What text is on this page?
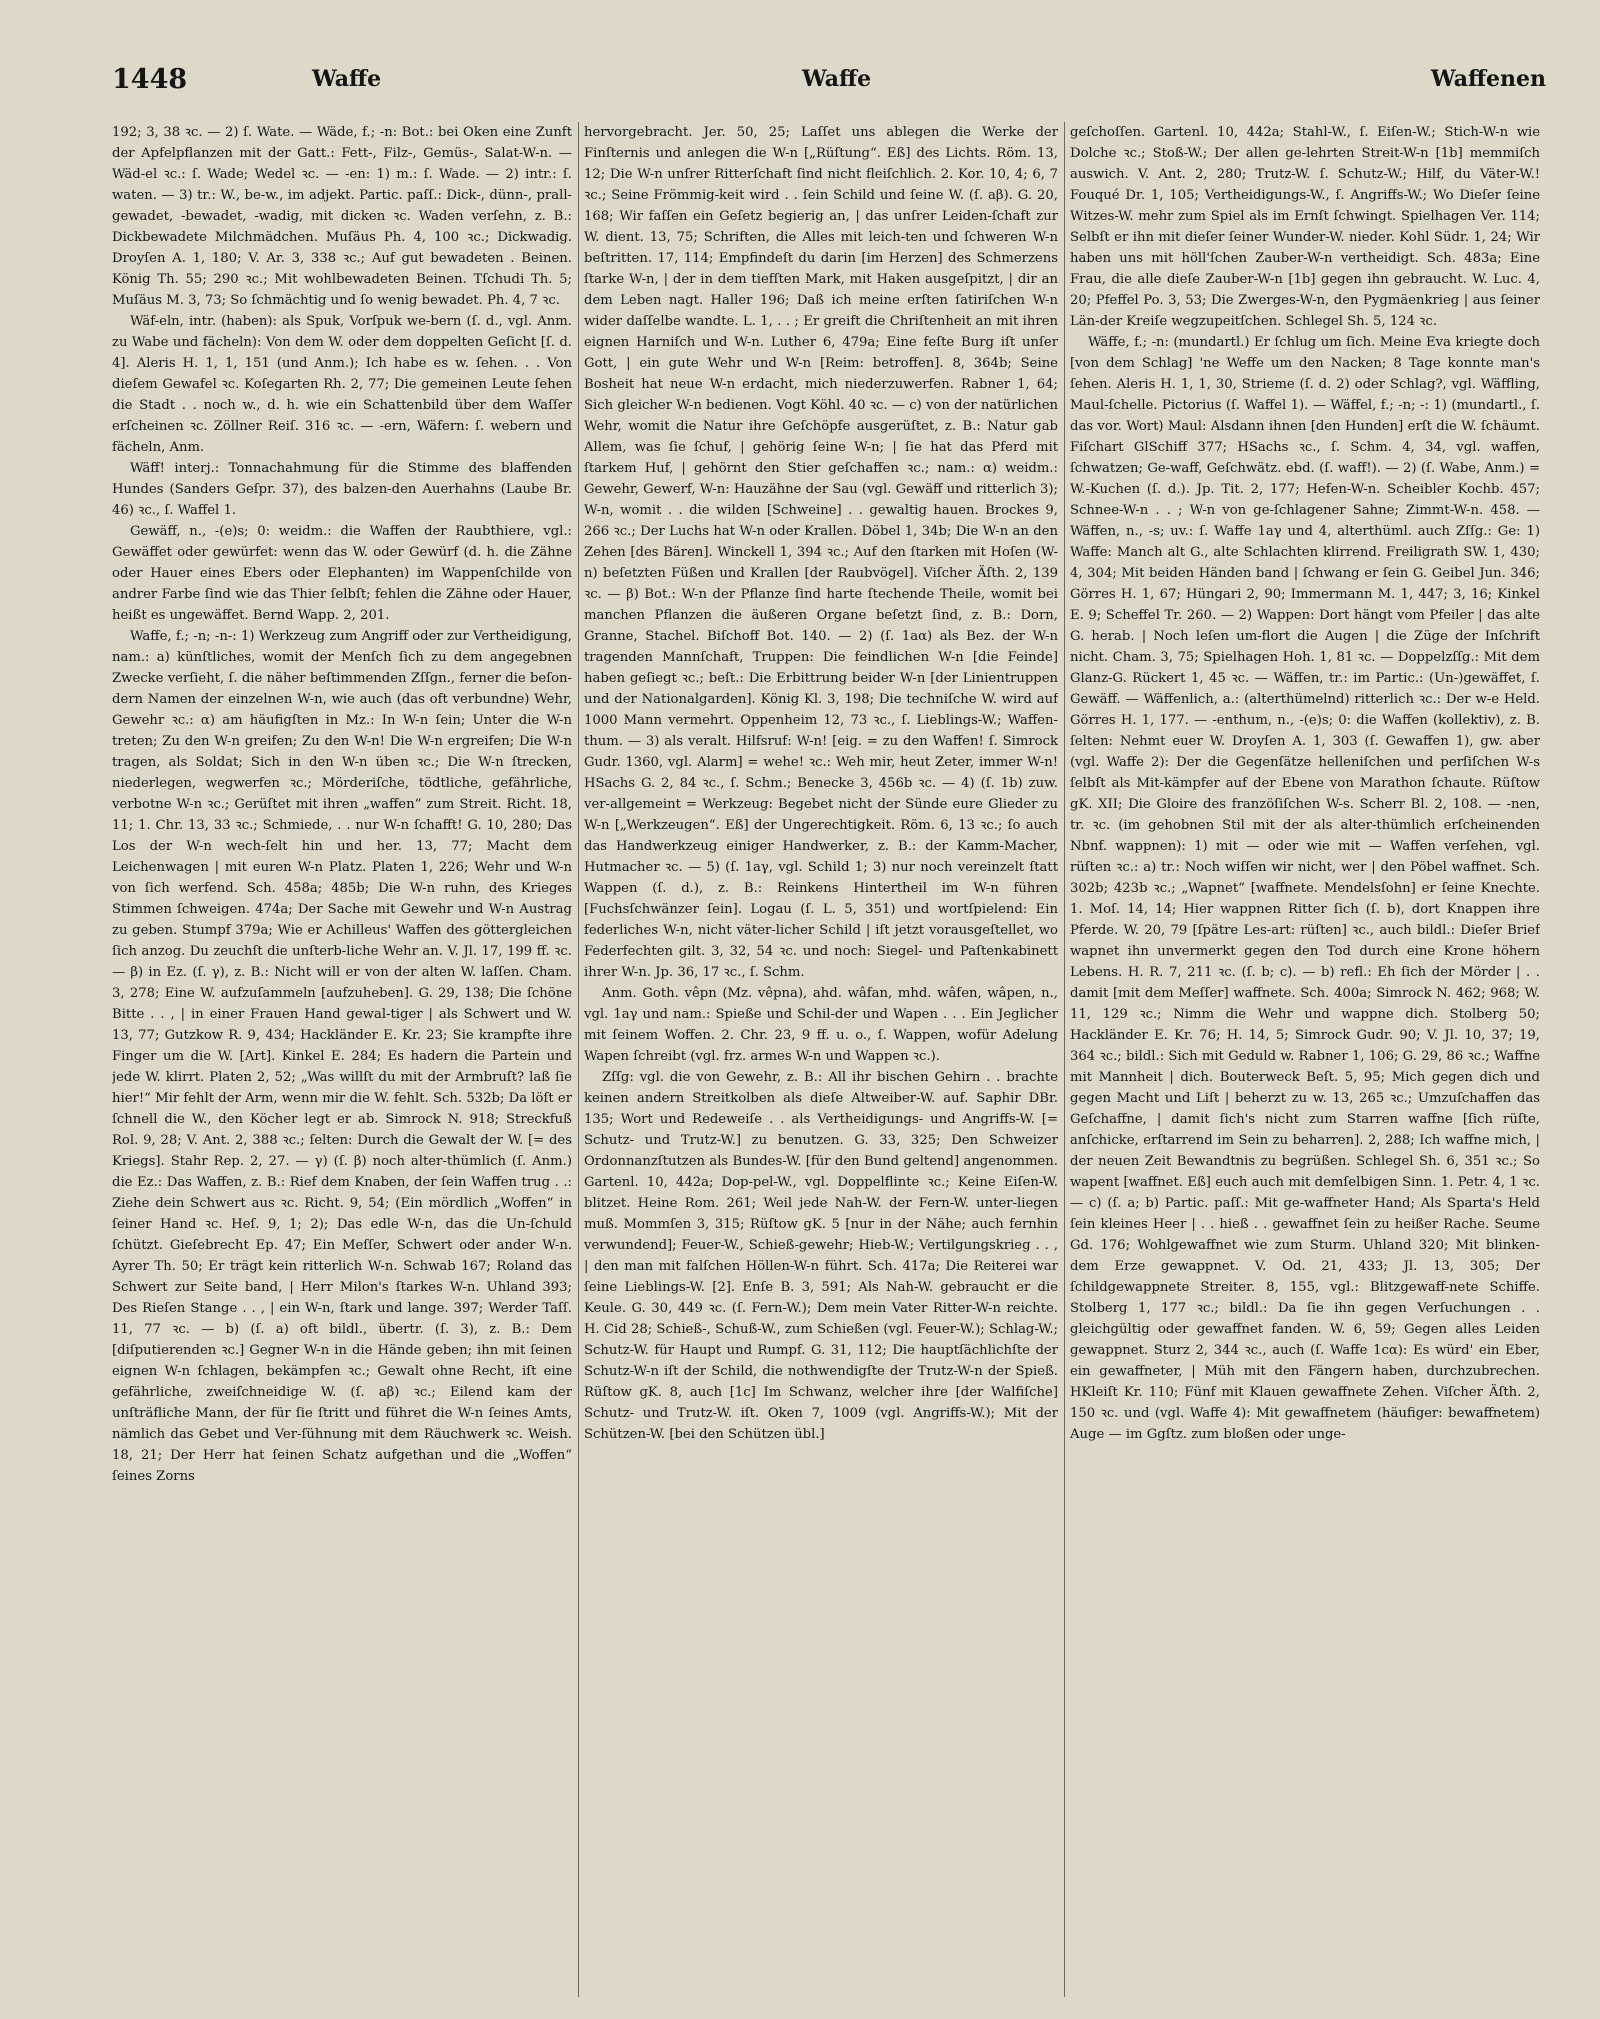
1448	Waffe	Waffe	Waffenen

192; 3, 38 ꝛc. — 2) ſ. Wate. — Wäde, f.; -n: Bot.: bei Oken eine Zunft der Apfelpflanzen mit der Gatt.: Fett-, Filz-, Gemüs-, Salat-W-n. — Wäd-el ꝛc.: ſ. Wade; Wedel ꝛc. — -en: 1) m.: ſ. Wade. — 2) intr.: ſ. waten. — 3) tr.: W., be-w., im adjekt. Partic. paſſ.: Dick-, dünn-, prall-gewadet, -bewadet, -wadig, mit dicken ꝛc. Waden verſehn, z. B.: Dickbewadete Milchmädchen. Muſäus Ph. 4, 100 ꝛc.; Dickwadig. Droyſen A. 1, 180; V. Ar. 3, 338 ꝛc.; Auf gut bewadeten . Beinen. König Th. 55; 290 ꝛc.; Mit wohlbewadeten Beinen. Tſchudi Th. 5; Muſäus M. 3, 73; So ſchmächtig und ſo wenig bewadet. Ph. 4, 7 ꝛc.

Wäf-eln, intr. (haben): als Spuk, Vorſpuk we-bern (ſ. d., vgl. Anm. zu Wabe und fächeln): Von dem W. oder dem doppelten Geſicht [ſ. d. 4]. Aleris H. 1, 1, 151 (und Anm.); Ich habe es w. ſehen. . . Von dieſem Gewafel ꝛc. Koſegarten Rh. 2, 77; Die gemeinen Leute ſehen die Stadt . . noch w., d. h. wie ein Schattenbild über dem Waſſer erſcheinen ꝛc. Zöllner Reiſ. 316 ꝛc. — -ern, Wäfern: ſ. webern und fächeln, Anm.

Wäff! interj.: Tonnachahmung für die Stimme des blaffenden Hundes (Sanders Geſpr. 37), des balzen-den Auerhahns (Laube Br. 46) ꝛc., ſ. Waffel 1.

Gewäff, n., -(e)s; 0: weidm.: die Waffen der Raubthiere, vgl.: Gewäffet oder gewürfet: wenn das W. oder Gewürf (d. h. die Zähne oder Hauer eines Ebers oder Elephanten) im Wappenſchilde von andrer Farbe ſind wie das Thier ſelbſt; fehlen die Zähne oder Hauer, heißt es ungewäffet. Bernd Wapp. 2, 201.

Waffe, f.; -n; -n-: 1) Werkzeug zum Angriff oder zur Vertheidigung, nam.: a) künſtliches, womit der Menſch ſich zu dem angegebnen Zwecke verſieht, ſ. die näher beſtimmenden Zſſgn., ferner die beſon-dern Namen der einzelnen W-n, wie auch (das oft verbundne) Wehr, Gewehr ꝛc.: α) am häufigſten in Mz.: In W-n ſein; Unter die W-n treten; Zu den W-n greifen; Zu den W-n! Die W-n ergreifen; Die W-n tragen, als Soldat; Sich in den W-n üben ꝛc.; Die W-n ſtrecken, niederlegen, wegwerfen ꝛc.; Mörderiſche, tödtliche, gefährliche, verbotne W-n ꝛc.; Gerüſtet mit ihren „waffen“ zum Streit. Richt. 18, 11; 1. Chr. 13, 33 ꝛc.; Schmiede, . . nur W-n ſchafft! G. 10, 280; Das Los der W-n wech-ſelt hin und her. 13, 77; Macht dem Leichenwagen | mit euren W-n Platz. Platen 1, 226; Wehr und W-n von ſich werfend. Sch. 458a; 485b; Die W-n ruhn, des Krieges Stimmen ſchweigen. 474a; Der Sache mit Gewehr und W-n Austrag zu geben. Stumpf 379a; Wie er Achilleus' Waffen des göttergleichen ſich anzog. Du zeuchſt die unſterb-liche Wehr an. V. Jl. 17, 199 ff. ꝛc. — β) in Ez. (ſ. γ), z. B.: Nicht will er von der alten W. laſſen. Cham. 3, 278; Eine W. aufzuſammeln [aufzuheben]. G. 29, 138; Die ſchöne Bitte . . , | in einer Frauen Hand gewal-tiger | als Schwert und W. 13, 77; Gutzkow R. 9, 434; Hackländer E. Kr. 23; Sie krampfte ihre Finger um die W. [Art]. Kinkel E. 284; Es hadern die Partein und jede W. klirrt. Platen 2, 52; „Was willſt du mit der Armbruſt? laß ſie hier!“ Mir fehlt der Arm, wenn mir die W. fehlt. Sch. 532b; Da löſt er ſchnell die W., den Köcher legt er ab. Simrock N. 918; Streckfuß Rol. 9, 28; V. Ant. 2, 388 ꝛc.; ſelten: Durch die Gewalt der W. [= des Kriegs]. Stahr Rep. 2, 27. — γ) (ſ. β) noch alter-thümlich (ſ. Anm.) die Ez.: Das Waffen, z. B.: Rief dem Knaben, der ſein Waffen trug . .: Ziehe dein Schwert aus ꝛc. Richt. 9, 54; (Ein mördlich „Woffen“ in ſeiner Hand ꝛc. Heſ. 9, 1; 2); Das edle W-n, das die Un-ſchuld ſchützt. Gieſebrecht Ep. 47; Ein Meſſer, Schwert oder ander W-n. Ayrer Th. 50; Er trägt kein ritterlich W-n. Schwab 167; Roland das Schwert zur Seite band, | Herr Milon's ſtarkes W-n. Uhland 393; Des Rieſen Stange . . , | ein W-n, ſtark und lange. 397; Werder Taſſ. 11, 77 ꝛc. — b) (ſ. a) oft bildl., übertr. (ſ. 3), z. B.: Dem [diſputierenden ꝛc.] Gegner W-n in die Hände geben; ihn mit ſeinen eignen W-n ſchlagen, bekämpfen ꝛc.; Gewalt ohne Recht, iſt eine gefährliche, zweiſchneidige W. (ſ. aβ) ꝛc.; Eilend kam der unſträfliche Mann, der für ſie ſtritt und führet die W-n ſeines Amts, nämlich das Gebet und Ver-ſühnung mit dem Räuchwerk ꝛc. Weish. 18, 21; Der Herr hat ſeinen Schatz aufgethan und die „Woffen“ ſeines Zorns

hervorgebracht. Jer. 50, 25; Laſſet uns ablegen die Werke der Finſternis und anlegen die W-n [„Rüſtung“. Eß] des Lichts. Röm. 13, 12; Die W-n unſrer Ritterſchaft ſind nicht fleiſchlich. 2. Kor. 10, 4; 6, 7 ꝛc.; Seine Frömmig-keit wird . . ſein Schild und ſeine W. (ſ. aβ). G. 20, 168; Wir faſſen ein Geſetz begierig an, | das unſrer Leiden-ſchaft zur W. dient. 13, 75; Schriften, die Alles mit leich-ten und ſchweren W-n beſtritten. 17, 114; Empfindeſt du darin [im Herzen] des Schmerzens ſtarke W-n, | der in dem tiefſten Mark, mit Haken ausgeſpitzt, | dir an dem Leben nagt. Haller 196; Daß ich meine erſten ſatiriſchen W-n wider daſſelbe wandte. L. 1, . . ; Er greift die Chriſtenheit an mit ihren eignen Harniſch und W-n. Luther 6, 479a; Eine feſte Burg iſt unſer Gott, | ein gute Wehr und W-n [Reim: betroffen]. 8, 364b; Seine Bosheit hat neue W-n erdacht, mich niederzuwerfen. Rabner 1, 64; Sich gleicher W-n bedienen. Vogt Köhl. 40 ꝛc. — c) von der natürlichen Wehr, womit die Natur ihre Geſchöpfe ausgerüſtet, z. B.: Natur gab Allem, was ſie ſchuf, | gehörig ſeine W-n; | ſie hat das Pferd mit ſtarkem Huf, | gehörnt den Stier geſchaffen ꝛc.; nam.: α) weidm.: Gewehr, Gewerf, W-n: Hauzähne der Sau (vgl. Gewäff und ritterlich 3); W-n, womit . . die wilden [Schweine] . . gewaltig hauen. Brockes 9, 266 ꝛc.; Der Luchs hat W-n oder Krallen. Döbel 1, 34b; Die W-n an den Zehen [des Bären]. Winckell 1, 394 ꝛc.; Auf den ſtarken mit Hoſen (W-n) beſetzten Füßen und Krallen [der Raubvögel]. Viſcher Äſth. 2, 139 ꝛc. — β) Bot.: W-n der Pflanze ſind harte ſtechende Theile, womit bei manchen Pflanzen die äußeren Organe beſetzt ſind, z. B.: Dorn, Granne, Stachel. Biſchoff Bot. 140. — 2) (ſ. 1aα) als Bez. der W-n tragenden Mannſchaft, Truppen: Die feindlichen W-n [die Feinde] haben geſiegt ꝛc.; beſt.: Die Erbittrung beider W-n [der Linientruppen und der Nationalgarden]. König Kl. 3, 198; Die techniſche W. wird auf 1000 Mann vermehrt. Oppenheim 12, 73 ꝛc., ſ. Lieblings-W.; Waffen-thum. — 3) als veralt. Hilfsruf: W-n! [eig. = zu den Waffen! ſ. Simrock Gudr. 1360, vgl. Alarm] = wehe! ꝛc.: Weh mir, heut Zeter, immer W-n! HSachs G. 2, 84 ꝛc., ſ. Schm.; Benecke 3, 456b ꝛc. — 4) (ſ. 1b) zuw. ver-allgemeint = Werkzeug: Begebet nicht der Sünde eure Glieder zu W-n [„Werkzeugen“. Eß] der Ungerechtigkeit. Röm. 6, 13 ꝛc.; ſo auch das Handwerkzeug einiger Handwerker, z. B.: der Kamm-Macher, Hutmacher ꝛc. — 5) (ſ. 1aγ, vgl. Schild 1; 3) nur noch vereinzelt ſtatt Wappen (ſ. d.), z. B.: Reinkens Hintertheil im W-n führen [Fuchsſchwänzer ſein]. Logau (ſ. L. 5, 351) und wortſpielend: Ein federliches W-n, nicht väter-licher Schild | iſt jetzt vorausgeſtellet, wo Federfechten gilt. 3, 32, 54 ꝛc. und noch: Siegel- und Paſtenkabinett ihrer W-n. Jp. 36, 17 ꝛc., ſ. Schm.

Anm. Goth. vêpn (Mz. vêpna), ahd. wâfan, mhd. wâfen, wâpen, n., vgl. 1aγ und nam.: Spieße und Schil-der und Wapen . . . Ein Jeglicher mit ſeinem Woffen. 2. Chr. 23, 9 ff. u. o., ſ. Wappen, wofür Adelung Wapen ſchreibt (vgl. frz. armes W-n und Wappen ꝛc.).

Zſſg: vgl. die von Gewehr, z. B.: All ihr bischen Gehirn . . brachte keinen andern Streitkolben als dieſe Altweiber-W. auf. Saphir DBr. 135; Wort und Redeweiſe . . als Vertheidigungs- und Angriffs-W. [= Schutz- und Trutz-W.] zu benutzen. G. 33, 325; Den Schweizer Ordonnanzſtutzen als Bundes-W. [für den Bund geltend] angenommen. Gartenl. 10, 442a; Dop-pel-W., vgl. Doppelflinte ꝛc.; Keine Eiſen-W. blitzet. Heine Rom. 261; Weil jede Nah-W. der Fern-W. unter-liegen muß. Mommſen 3, 315; Rüſtow gK. 5 [nur in der Nähe; auch fernhin verwundend]; Feuer-W., Schieß-gewehr; Hieb-W.; Vertilgungskrieg . . , | den man mit falſchen Höllen-W-n führt. Sch. 417a; Die Reiterei war ſeine Lieblings-W. [2]. Enſe B. 3, 591; Als Nah-W. gebraucht er die Keule. G. 30, 449 ꝛc. (ſ. Fern-W.); Dem mein Vater Ritter-W-n reichte. H. Cid 28; Schieß-, Schuß-W., zum Schießen (vgl. Feuer-W.); Schlag-W.; Schutz-W. für Haupt und Rumpf. G. 31, 112; Die hauptſächlichſte der Schutz-W-n iſt der Schild, die nothwendigſte der Trutz-W-n der Spieß. Rüſtow gK. 8, auch [1c] Im Schwanz, welcher ihre [der Walfiſche] Schutz- und Trutz-W. iſt. Oken 7, 1009 (vgl. Angriffs-W.); Mit der Schützen-W. [bei den Schützen übl.]

geſchoſſen. Gartenl. 10, 442a; Stahl-W., ſ. Eiſen-W.; Stich-W-n wie Dolche ꝛc.; Stoß-W.; Der allen ge-lehrten Streit-W-n [1b] memmiſch auswich. V. Ant. 2, 280; Trutz-W. ſ. Schutz-W.; Hilf, du Väter-W.! Fouqué Dr. 1, 105; Vertheidigungs-W., ſ. Angriffs-W.; Wo Dieſer ſeine Witzes-W. mehr zum Spiel als im Ernſt ſchwingt. Spielhagen Ver. 114; Selbſt er ihn mit dieſer ſeiner Wunder-W. nieder. Kohl Südr. 1, 24; Wir haben uns mit höll'ſchen Zauber-W-n vertheidigt. Sch. 483a; Eine Frau, die alle dieſe Zauber-W-n [1b] gegen ihn gebraucht. W. Luc. 4, 20; Pfeffel Po. 3, 53; Die Zwerges-W-n, den Pygmäenkrieg | aus ſeiner Län-der Kreiſe wegzupeitſchen. Schlegel Sh. 5, 124 ꝛc.

Wäffe, f.; -n: (mundartl.) Er ſchlug um ſich. Meine Eva kriegte doch [von dem Schlag] 'ne Weffe um den Nacken; 8 Tage konnte man's ſehen. Aleris H. 1, 1, 30, Strieme (ſ. d. 2) oder Schlag?, vgl. Wäffling, Maul-ſchelle. Pictorius (ſ. Waffel 1). — Wäffel, f.; -n; -: 1) (mundartl., ſ. das vor. Wort) Maul: Alsdann ihnen [den Hunden] erſt die W. ſchäumt. Fiſchart GlSchiff 377; HSachs ꝛc., ſ. Schm. 4, 34, vgl. waffen, ſchwatzen; Ge-waff, Geſchwätz. ebd. (ſ. waff!). — 2) (ſ. Wabe, Anm.) = W.-Kuchen (ſ. d.). Jp. Tit. 2, 177; Hefen-W-n. Scheibler Kochb. 457; Schnee-W-n . . ; W-n von ge-ſchlagener Sahne; Zimmt-W-n. 458. — Wäffen, n., -s; uv.: ſ. Waffe 1aγ und 4, alterthüml. auch Zſſg.: Ge: 1) Waffe: Manch alt G., alte Schlachten klirrend. Freiligrath SW. 1, 430; 4, 304; Mit beiden Händen band | ſchwang er ſein G. Geibel Jun. 346; Görres H. 1, 67; Hüngari 2, 90; Immermann M. 1, 447; 3, 16; Kinkel E. 9; Scheffel Tr. 260. — 2) Wappen: Dort hängt vom Pfeiler | das alte G. herab. | Noch leſen um-flort die Augen | die Züge der Inſchrift nicht. Cham. 3, 75; Spielhagen Hoh. 1, 81 ꝛc. — Doppelzſſg.: Mit dem Glanz-G. Rückert 1, 45 ꝛc. — Wäffen, tr.: im Partic.: (Un-)gewäffet, ſ. Gewäff. — Wäffenlich, a.: (alterthümelnd) ritterlich ꝛc.: Der w-e Held. Görres H. 1, 177. — -enthum, n., -(e)s; 0: die Waffen (kollektiv), z. B. ſelten: Nehmt euer W. Droyſen A. 1, 303 (ſ. Gewaffen 1), gw. aber (vgl. Waffe 2): Der die Gegenſätze helleniſchen und perſiſchen W-s ſelbſt als Mit-kämpfer auf der Ebene von Marathon ſchaute. Rüſtow gK. XII; Die Gloire des franzöſiſchen W-s. Scherr Bl. 2, 108. — -nen, tr. ꝛc. (im gehobnen Stil mit der als alter-thümlich erſcheinenden Nbnf. wappnen): 1) mit — oder wie mit — Waffen verſehen, vgl. rüſten ꝛc.: a) tr.: Noch wiſſen wir nicht, wer | den Pöbel waffnet. Sch. 302b; 423b ꝛc.; „Wapnet“ [waffnete. Mendelsſohn] er ſeine Knechte. 1. Moſ. 14, 14; Hier wappnen Ritter ſich (ſ. b), dort Knappen ihre Pferde. W. 20, 79 [ſpätre Les-art: rüſten] ꝛc., auch bildl.: Dieſer Brief wapnet ihn unvermerkt gegen den Tod durch eine Krone höhern Lebens. H. R. 7, 211 ꝛc. (ſ. b; c). — b) refl.: Eh ſich der Mörder | . . damit [mit dem Meſſer] waffnete. Sch. 400a; Simrock N. 462; 968; W. 11, 129 ꝛc.; Nimm die Wehr und wappne dich. Stolberg 50; Hackländer E. Kr. 76; H. 14, 5; Simrock Gudr. 90; V. Jl. 10, 37; 19, 364 ꝛc.; bildl.: Sich mit Geduld w. Rabner 1, 106; G. 29, 86 ꝛc.; Waffne mit Mannheit | dich. Bouterweck Beſt. 5, 95; Mich gegen dich und gegen Macht und Liſt | beherzt zu w. 13, 265 ꝛc.; Umzuſchaffen das Geſchaffne, | damit ſich's nicht zum Starren waffne [ſich rüſte, anſchicke, erſtarrend im Sein zu beharren]. 2, 288; Ich waffne mich, | der neuen Zeit Bewandtnis zu begrüßen. Schlegel Sh. 6, 351 ꝛc.; So wapent [waffnet. Eß] euch auch mit demſelbigen Sinn. 1. Petr. 4, 1 ꝛc. — c) (ſ. a; b) Partic. paſſ.: Mit ge-waffneter Hand; Als Sparta's Held ſein kleines Heer | . . hieß . . gewaffnet ſein zu heißer Rache. Seume Gd. 176; Wohlgewaffnet wie zum Sturm. Uhland 320; Mit blinken-dem Erze gewappnet. V. Od. 21, 433; Jl. 13, 305; Der ſchildgewappnete Streiter. 8, 155, vgl.: Blitzgewaff-nete Schiffe. Stolberg 1, 177 ꝛc.; bildl.: Da ſie ihn gegen Verſuchungen . . gleichgültig oder gewaffnet fanden. W. 6, 59; Gegen alles Leiden gewappnet. Sturz 2, 344 ꝛc., auch (ſ. Waffe 1cα): Es würd' ein Eber, ein gewaffneter, | Müh mit den Fängern haben, durchzubrechen. HKleiſt Kr. 110; Fünf mit Klauen gewaffnete Zehen. Viſcher Äſth. 2, 150 ꝛc. und (vgl. Waffe 4): Mit gewaffnetem (häufiger: bewaffnetem) Auge — im Ggſtz. zum bloßen oder unge-
